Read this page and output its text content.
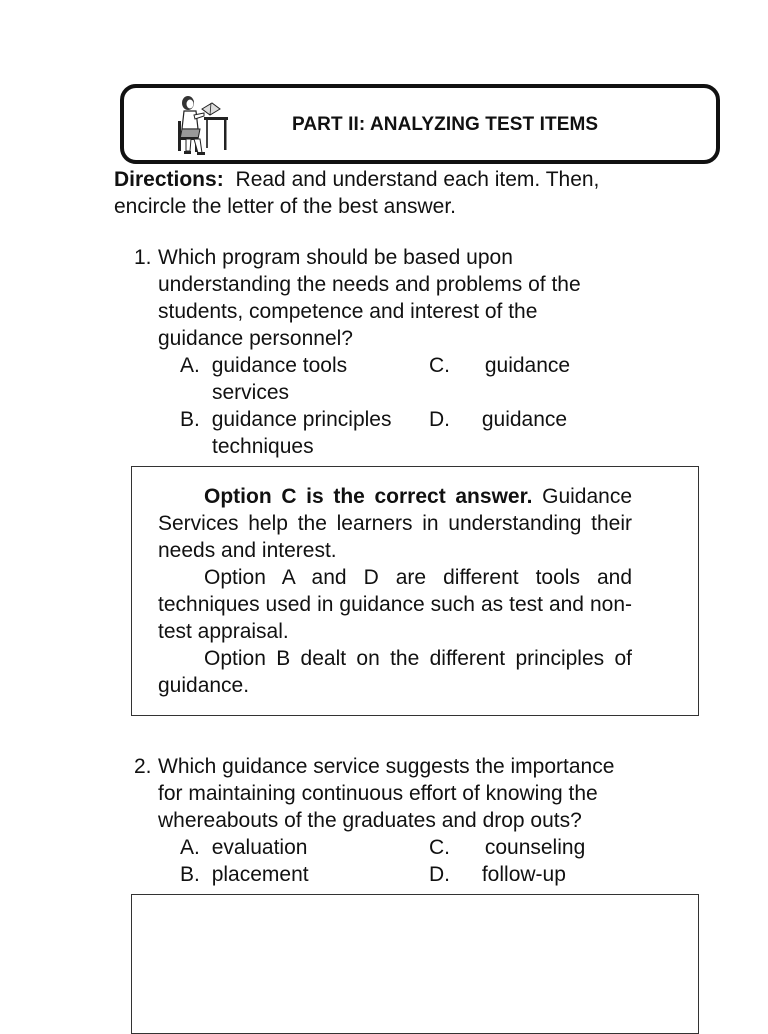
PART II: ANALYZING TEST ITEMS
Directions: Read and understand each item. Then,
encircle the letter of the best answer.
1. Which program should be based upon
understanding the needs and problems of the
students, competence and interest of the
guidance personnel?
A. guidance tools	C. guidance
services
B. guidance principles D. guidance
techniques

Option C is the correct answer. Guidance Services help the learners in understanding their needs and interest.

Option A and D are different tools and techniques used in guidance such as test and non-test appraisal.

Option B dealt on the different principles of guidance.

2. Which guidance service suggests the importance
for maintaining continuous effort of knowing the
whereabouts of the graduates and drop outs?
A. evaluation	C. counseling
B. placement	D. follow-up
